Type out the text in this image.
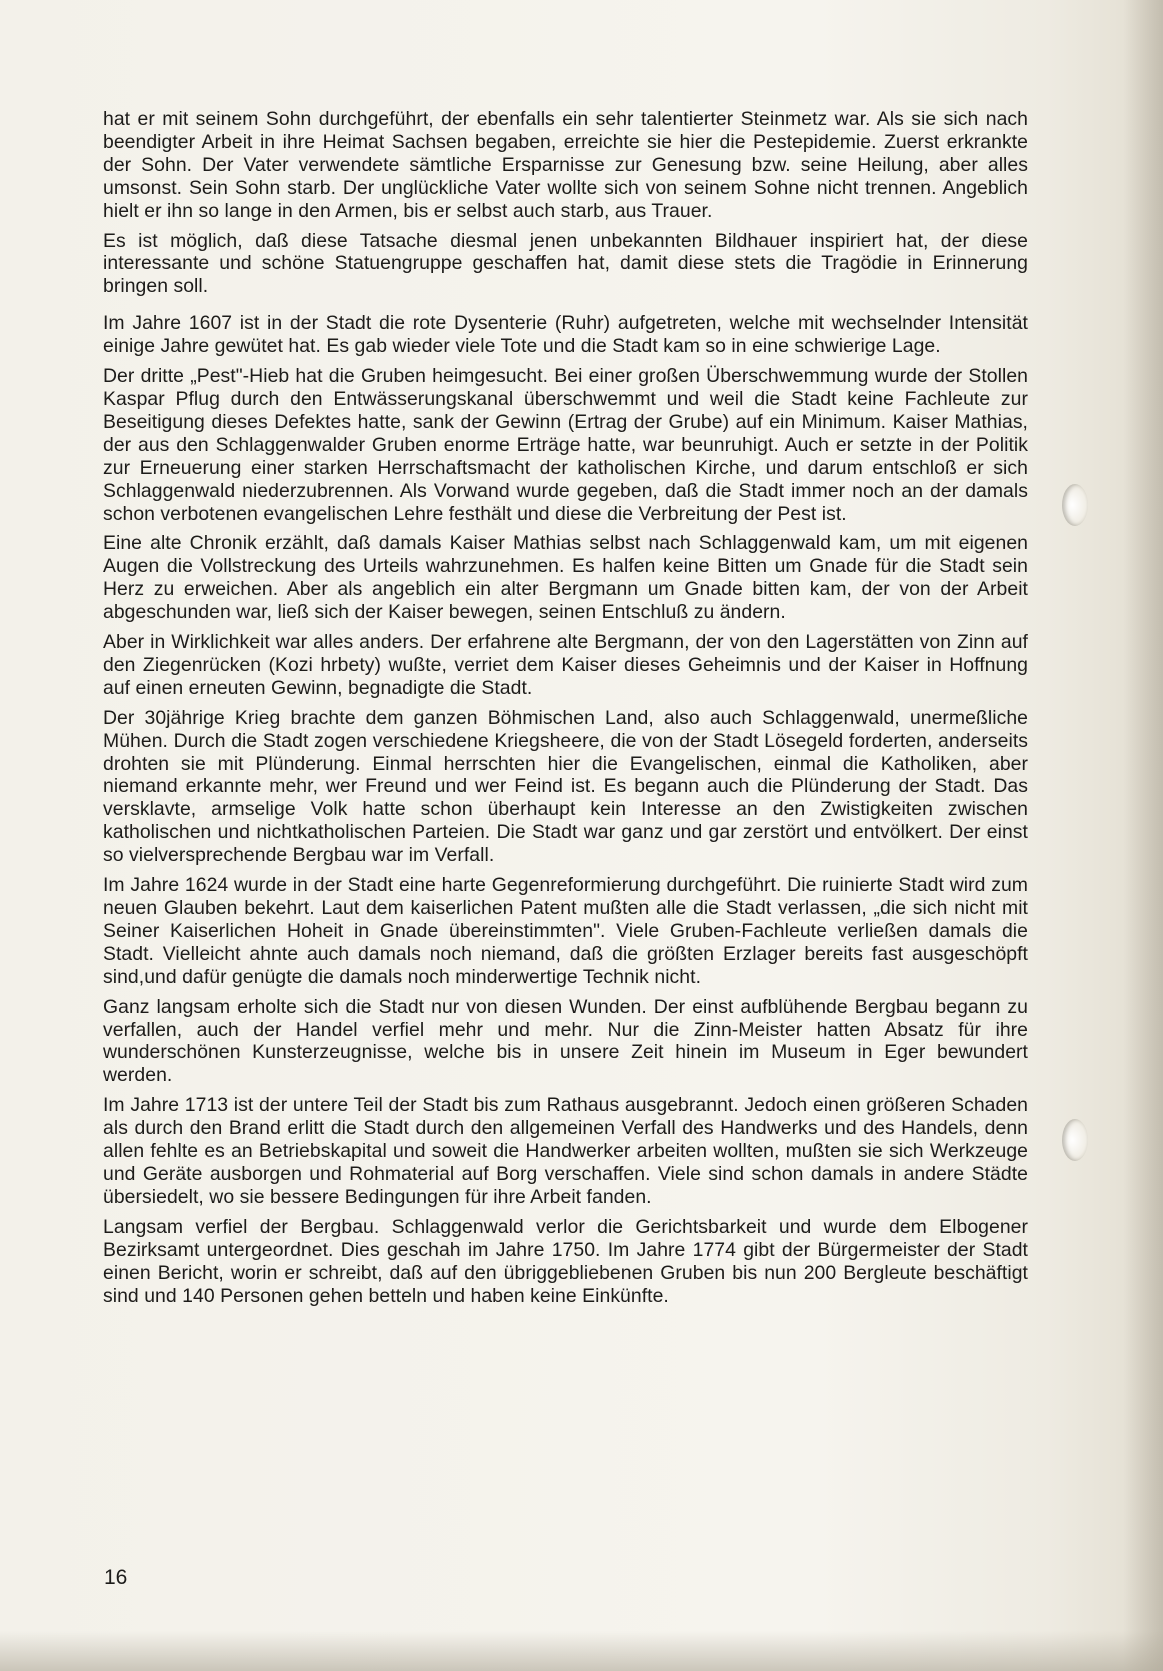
hat er mit seinem Sohn durchgeführt, der ebenfalls ein sehr talentierter Steinmetz war. Als sie sich nach beendigter Arbeit in ihre Heimat Sachsen begaben, erreichte sie hier die Pestepidemie. Zuerst erkrankte der Sohn. Der Vater verwendete sämtliche Ersparnisse zur Genesung bzw. seine Heilung, aber alles umsonst. Sein Sohn starb. Der unglückliche Vater wollte sich von seinem Sohne nicht trennen. Angeblich hielt er ihn so lange in den Armen, bis er selbst auch starb, aus Trauer.

Es ist möglich, daß diese Tatsache diesmal jenen unbekannten Bildhauer inspiriert hat, der diese interessante und schöne Statuengruppe geschaffen hat, damit diese stets die Tragödie in Erinnerung bringen soll.

Im Jahre 1607 ist in der Stadt die rote Dysenterie (Ruhr) aufgetreten, welche mit wechselnder Intensität einige Jahre gewütet hat. Es gab wieder viele Tote und die Stadt kam so in eine schwierige Lage.

Der dritte „Pest"-Hieb hat die Gruben heimgesucht. Bei einer großen Überschwemmung wurde der Stollen Kaspar Pflug durch den Entwässerungskanal überschwemmt und weil die Stadt keine Fachleute zur Beseitigung dieses Defektes hatte, sank der Gewinn (Ertrag der Grube) auf ein Minimum. Kaiser Mathias, der aus den Schlaggenwalder Gruben enorme Erträge hatte, war beunruhigt. Auch er setzte in der Politik zur Erneuerung einer starken Herrschaftsmacht der katholischen Kirche, und darum entschloß er sich Schlaggenwald niederzubrennen. Als Vorwand wurde gegeben, daß die Stadt immer noch an der damals schon verbotenen evangelischen Lehre festhält und diese die Verbreitung der Pest ist.

Eine alte Chronik erzählt, daß damals Kaiser Mathias selbst nach Schlaggenwald kam, um mit eigenen Augen die Vollstreckung des Urteils wahrzunehmen. Es halfen keine Bitten um Gnade für die Stadt sein Herz zu erweichen. Aber als angeblich ein alter Bergmann um Gnade bitten kam, der von der Arbeit abgeschunden war, ließ sich der Kaiser bewegen, seinen Entschluß zu ändern.

Aber in Wirklichkeit war alles anders. Der erfahrene alte Bergmann, der von den Lagerstätten von Zinn auf den Ziegenrücken (Kozi hrbety) wußte, verriet dem Kaiser dieses Geheimnis und der Kaiser in Hoffnung auf einen erneuten Gewinn, begnadigte die Stadt.

Der 30jährige Krieg brachte dem ganzen Böhmischen Land, also auch Schlaggenwald, unermeßliche Mühen. Durch die Stadt zogen verschiedene Kriegsheere, die von der Stadt Lösegeld forderten, anderseits drohten sie mit Plünderung. Einmal herrschten hier die Evangelischen, einmal die Katholiken, aber niemand erkannte mehr, wer Freund und wer Feind ist. Es begann auch die Plünderung der Stadt. Das versklavte, armselige Volk hatte schon überhaupt kein Interesse an den Zwistigkeiten zwischen katholischen und nichtkatholischen Parteien. Die Stadt war ganz und gar zerstört und entvölkert. Der einst so vielversprechende Bergbau war im Verfall.

Im Jahre 1624 wurde in der Stadt eine harte Gegenreformierung durchgeführt. Die ruinierte Stadt wird zum neuen Glauben bekehrt. Laut dem kaiserlichen Patent mußten alle die Stadt verlassen, „die sich nicht mit Seiner Kaiserlichen Hoheit in Gnade übereinstimmten". Viele Gruben-Fachleute verließen damals die Stadt. Vielleicht ahnte auch damals noch niemand, daß die größten Erzlager bereits fast ausgeschöpft sind,und dafür genügte die damals noch minderwertige Technik nicht.

Ganz langsam erholte sich die Stadt nur von diesen Wunden. Der einst aufblühende Bergbau begann zu verfallen, auch der Handel verfiel mehr und mehr. Nur die Zinn-Meister hatten Absatz für ihre wunderschönen Kunsterzeugnisse, welche bis in unsere Zeit hinein im Museum in Eger bewundert werden.

Im Jahre 1713 ist der untere Teil der Stadt bis zum Rathaus ausgebrannt. Jedoch einen größeren Schaden als durch den Brand erlitt die Stadt durch den allgemeinen Verfall des Handwerks und des Handels, denn allen fehlte es an Betriebskapital und soweit die Handwerker arbeiten wollten, mußten sie sich Werkzeuge und Geräte ausborgen und Rohmaterial auf Borg verschaffen. Viele sind schon damals in andere Städte übersiedelt, wo sie bessere Bedingungen für ihre Arbeit fanden.

Langsam verfiel der Bergbau. Schlaggenwald verlor die Gerichtsbarkeit und wurde dem Elbogener Bezirksamt untergeordnet. Dies geschah im Jahre 1750. Im Jahre 1774 gibt der Bürgermeister der Stadt einen Bericht, worin er schreibt, daß auf den übriggebliebenen Gruben bis nun 200 Bergleute beschäftigt sind und 140 Personen gehen betteln und haben keine Einkünfte.

16
